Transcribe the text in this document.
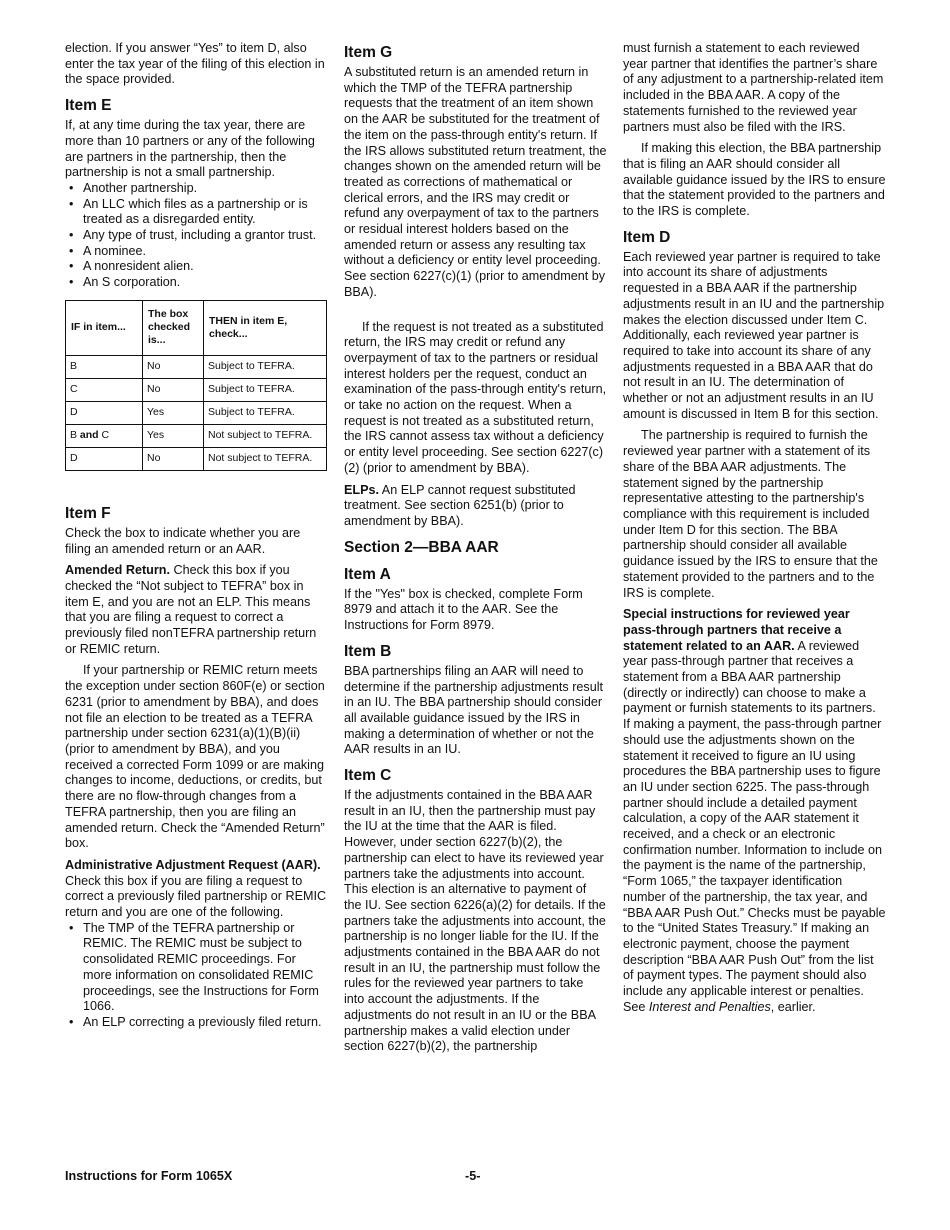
election. If you answer “Yes” to item D, also enter the tax year of the filing of this election in the space provided.

Item E

If, at any time during the tax year, there are more than 10 partners or any of the following are partners in the partnership, then the partnership is not a small partnership.

• Another partnership.
• An LLC which files as a partnership or is treated as a disregarded entity.
• Any type of trust, including a grantor trust.
• A nominee.
• A nonresident alien.
• An S corporation.
IF in item...	The box checked is...	THEN in item E, check...
B	No	Subject to TEFRA.
C	No	Subject to TEFRA.
D	Yes	Subject to TEFRA.
B and C	Yes	Not subject to TEFRA.
D	No	Not subject to TEFRA.
Item F

Check the box to indicate whether you are filing an amended return or an AAR.

Amended Return. Check this box if you checked the “Not subject to TEFRA” box in item E, and you are not an ELP. This means that you are filing a request to correct a previously filed nonTEFRA partnership return or REMIC return.

If your partnership or REMIC return meets the exception under section 860F(e) or section 6231 (prior to amendment by BBA), and does not file an election to be treated as a TEFRA partnership under section 6231(a)(1)(B)(ii) (prior to amendment by BBA), and you received a corrected Form 1099 or are making changes to income, deductions, or credits, but there are no flow-through changes from a TEFRA partnership, then you are filing an amended return. Check the “Amended Return” box.

Administrative Adjustment Request (AAR). Check this box if you are filing a request to correct a previously filed partnership or REMIC return and you are one of the following.

• The TMP of the TEFRA partnership or REMIC. The REMIC must be subject to consolidated REMIC proceedings. For more information on consolidated REMIC proceedings, see the Instructions for Form 1066.
• An ELP correcting a previously filed return.
Item G

A substituted return is an amended return in which the TMP of the TEFRA partnership requests that the treatment of an item shown on the AAR be substituted for the treatment of the item on the pass-through entity's return. If the IRS allows substituted return treatment, the changes shown on the amended return will be treated as corrections of mathematical or clerical errors, and the IRS may credit or refund any overpayment of tax to the partners or residual interest holders based on the amended return or assess any resulting tax without a deficiency or entity level proceeding. See section 6227(c)(1) (prior to amendment by BBA).

If the request is not treated as a substituted return, the IRS may credit or refund any overpayment of tax to the partners or residual interest holders per the request, conduct an examination of the pass-through entity's return, or take no action on the request. When a request is not treated as a substituted return, the IRS cannot assess tax without a deficiency or entity level proceeding. See section 6227(c)(2) (prior to amendment by BBA).

ELPs. An ELP cannot request substituted treatment. See section 6251(b) (prior to amendment by BBA).

Section 2—BBA AAR
Item A

If the "Yes" box is checked, complete Form 8979 and attach it to the AAR. See the Instructions for Form 8979.

Item B

BBA partnerships filing an AAR will need to determine if the partnership adjustments result in an IU. The BBA partnership should consider all available guidance issued by the IRS in making a determination of whether or not the AAR results in an IU.

Item C

If the adjustments contained in the BBA AAR result in an IU, then the partnership must pay the IU at the time that the AAR is filed. However, under section 6227(b)(2), the partnership can elect to have its reviewed year partners take the adjustments into account. This election is an alternative to payment of the IU. See section 6226(a)(2) for details. If the partners take the adjustments into account, the partnership is no longer liable for the IU. If the adjustments contained in the BBA AAR do not result in an IU, the partnership must follow the rules for the reviewed year partners to take into account the adjustments. If the adjustments do not result in an IU or the BBA partnership makes a valid election under section 6227(b)(2), the partnership

must furnish a statement to each reviewed year partner that identifies the partner’s share of any adjustment to a partnership-related item included in the BBA AAR. A copy of the statements furnished to the reviewed year partners must also be filed with the IRS.

If making this election, the BBA partnership that is filing an AAR should consider all available guidance issued by the IRS to ensure that the statement provided to the partners and to the IRS is complete.

Item D

Each reviewed year partner is required to take into account its share of adjustments requested in a BBA AAR if the partnership adjustments result in an IU and the partnership makes the election discussed under Item C. Additionally, each reviewed year partner is required to take into account its share of any adjustments requested in a BBA AAR that do not result in an IU. The determination of whether or not an adjustment results in an IU amount is discussed in Item B for this section.

The partnership is required to furnish the reviewed year partner with a statement of its share of the BBA AAR adjustments. The statement signed by the partnership representative attesting to the partnership's compliance with this requirement is included under Item D for this section. The BBA partnership should consider all available guidance issued by the IRS to ensure that the statement provided to the partners and to the IRS is complete.

Special instructions for reviewed year pass-through partners that receive a statement related to an AAR. A reviewed year pass-through partner that receives a statement from a BBA AAR partnership (directly or indirectly) can choose to make a payment or furnish statements to its partners. If making a payment, the pass-through partner should use the adjustments shown on the statement it received to figure an IU using procedures the BBA partnership uses to figure an IU under section 6225. The pass-through partner should include a detailed payment calculation, a copy of the AAR statement it received, and a check or an electronic confirmation number. Information to include on the payment is the name of the partnership, “Form 1065,” the taxpayer identification number of the partnership, the tax year, and “BBA AAR Push Out.” Checks must be payable to the “United States Treasury.” If making an electronic payment, choose the payment description “BBA AAR Push Out” from the list of payment types. The payment should also include any applicable interest or penalties. See Interest and Penalties, earlier.

Instructions for Form 1065X	-5-
